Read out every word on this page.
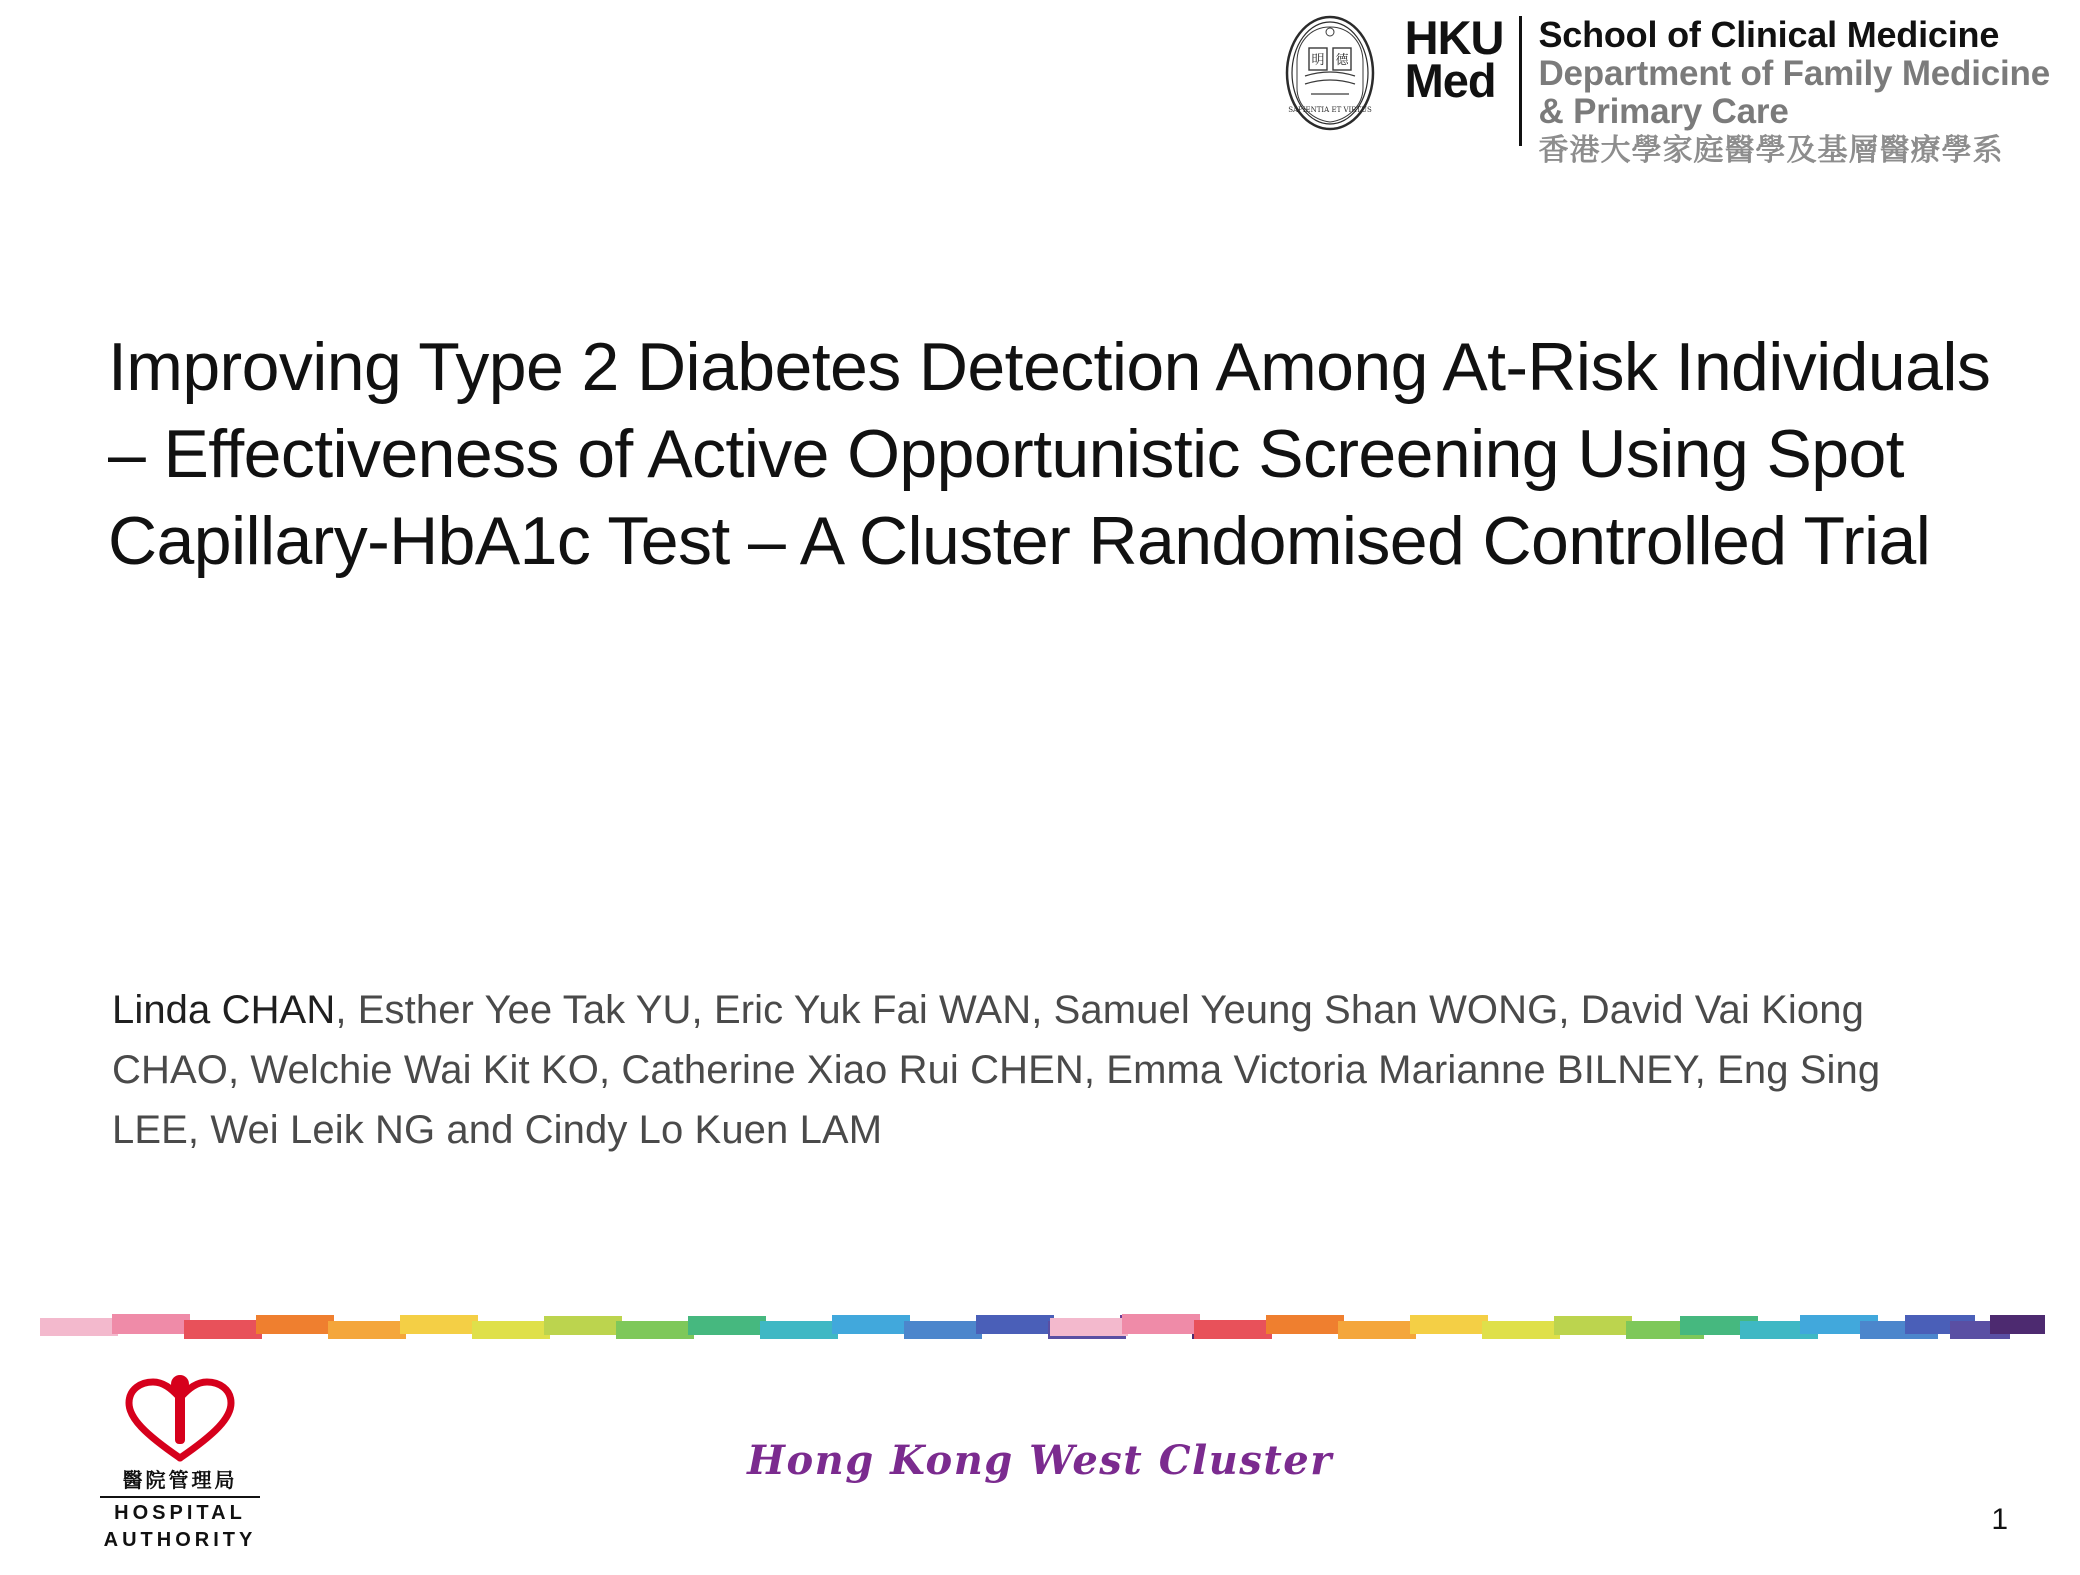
明 德
SAPIENTIA ET VIRTUS
HKU
Med
School of Clinical Medicine
Department of Family Medicine
& Primary Care
香港大學家庭醫學及基層醫療學系
Improving Type 2 Diabetes Detection Among At-Risk Individuals – Effectiveness of Active Opportunistic Screening Using Spot Capillary-HbA1c Test – A Cluster Randomised Controlled Trial
Linda CHAN, Esther Yee Tak YU, Eric Yuk Fai WAN, Samuel Yeung Shan WONG, David Vai Kiong CHAO, Welchie Wai Kit KO, Catherine Xiao Rui CHEN, Emma Victoria Marianne BILNEY, Eng Sing LEE, Wei Leik NG and Cindy Lo Kuen LAM
醫院管理局
HOSPITAL
AUTHORITY
Hong Kong West Cluster
1
